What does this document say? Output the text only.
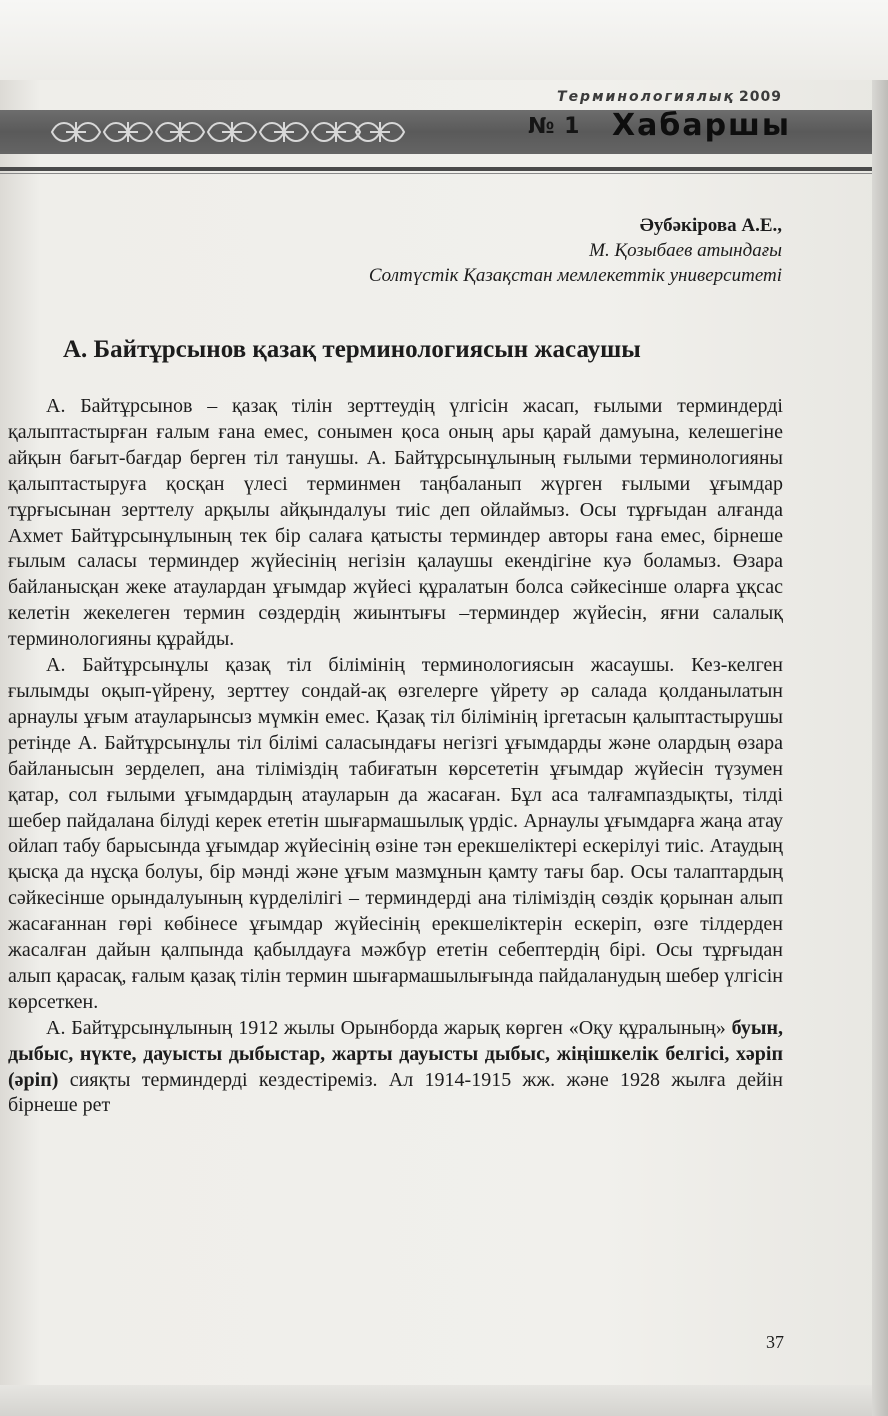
Терминологиялық 2009
№ 1 Хабаршы
Әубәкірова А.Е.,
М. Қозыбаев атындағы
Солтүстік Қазақстан мемлекеттік университеті
А. Байтұрсынов қазақ терминологиясын жасаушы

А. Байтұрсынов – қазақ тілін зерттеудің үлгісін жасап, ғылыми терминдерді қалыптастырған ғалым ғана емес, сонымен қоса оның ары қарай дамуына, келешегіне айқын бағыт-бағдар берген тіл танушы. А. Байтұрсынұлының ғылыми терминологияны қалыптастыруға қосқан үлесі терминмен таңбаланып жүрген ғылыми ұғымдар тұрғысынан зерттелу арқылы айқындалуы тиіс деп ойлаймыз. Осы тұрғыдан алғанда Ахмет Байтұрсынұлының тек бір салаға қатысты терминдер авторы ғана емес, бірнеше ғылым саласы терминдер жүйесінің негізін қалаушы екендігіне куә боламыз. Өзара байланысқан жеке атаулардан ұғымдар жүйесі құралатын болса сәйкесінше оларға ұқсас келетін жекелеген термин сөздердің жиынтығы –терминдер жүйесін, яғни салалық терминологияны құрайды.

А. Байтұрсынұлы қазақ тіл білімінің терминологиясын жасаушы. Кез-келген ғылымды оқып-үйрену, зерттеу сондай-ақ өзгелерге үйрету әр салада қолданылатын арнаулы ұғым атауларынсыз мүмкін емес. Қазақ тіл білімінің іргетасын қалыптастырушы ретінде А. Байтұрсынұлы тіл білімі саласындағы негізгі ұғымдарды және олардың өзара байланысын зерделеп, ана тіліміздің табиғатын көрсететін ұғымдар жүйесін түзумен қатар, сол ғылыми ұғымдардың атауларын да жасаған. Бұл аса талғампаздықты, тілді шебер пайдалана білуді керек ететін шығармашылық үрдіс. Арнаулы ұғымдарға жаңа атау ойлап табу барысында ұғымдар жүйесінің өзіне тән ерекшеліктері ескерілуі тиіс. Атаудың қысқа да нұсқа болуы, бір мәнді және ұғым мазмұнын қамту тағы бар. Осы талаптардың сәйкесінше орындалуының күрделілігі – терминдерді ана тіліміздің сөздік қорынан алып жасағаннан гөрі көбінесе ұғымдар жүйесінің ерекшеліктерін ескеріп, өзге тілдерден жасалған дайын қалпында қабылдауға мәжбүр ететін себептердің бірі. Осы тұрғыдан алып қарасақ, ғалым қазақ тілін термин шығармашылығында пайдаланудың шебер үлгісін көрсеткен.

А. Байтұрсынұлының 1912 жылы Орынборда жарық көрген «Оқу құралының» буын, дыбыс, нүкте, дауысты дыбыстар, жарты дауысты дыбыс, жіңішкелік белгісі, хәріп (әріп) сияқты терминдерді кездестіреміз. Ал 1914-1915 жж. және 1928 жылға дейін бірнеше рет

37
